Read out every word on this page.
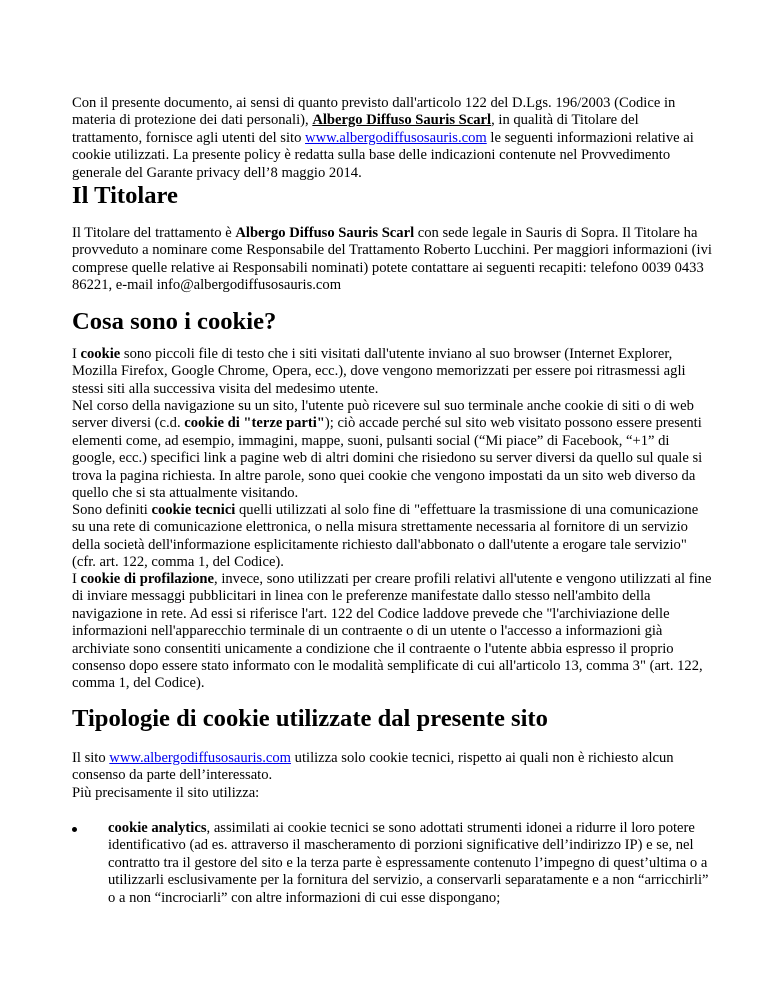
Con il presente documento, ai sensi di quanto previsto dall'articolo 122 del D.Lgs. 196/2003 (Codice in materia di protezione dei dati personali), Albergo Diffuso Sauris Scarl, in qualità di Titolare del trattamento, fornisce agli utenti del sito www.albergodiffusosauris.com le seguenti informazioni relative ai cookie utilizzati. La presente policy è redatta sulla base delle indicazioni contenute nel Provvedimento generale del Garante privacy dell’8 maggio 2014.

Il Titolare

Il Titolare del trattamento è Albergo Diffuso Sauris Scarl con sede legale in Sauris di Sopra. Il Titolare ha provveduto a nominare come Responsabile del Trattamento Roberto Lucchini. Per maggiori informazioni (ivi comprese quelle relative ai Responsabili nominati) potete contattare ai seguenti recapiti: telefono 0039 0433 86221, e-mail info@albergodiffusosauris.com

Cosa sono i cookie?

I cookie sono piccoli file di testo che i siti visitati dall'utente inviano al suo browser (Internet Explorer, Mozilla Firefox, Google Chrome, Opera, ecc.), dove vengono memorizzati per essere poi ritrasmessi agli stessi siti alla successiva visita del medesimo utente.

Nel corso della navigazione su un sito, l'utente può ricevere sul suo terminale anche cookie di siti o di web server diversi (c.d. cookie di "terze parti"); ciò accade perché sul sito web visitato possono essere presenti elementi come, ad esempio, immagini, mappe, suoni, pulsanti social (“Mi piace” di Facebook, “+1” di google, ecc.) specifici link a pagine web di altri domini che risiedono su server diversi da quello sul quale si trova la pagina richiesta. In altre parole, sono quei cookie che vengono impostati da un sito web diverso da quello che si sta attualmente visitando.

Sono definiti cookie tecnici quelli utilizzati al solo fine di "effettuare la trasmissione di una comunicazione su una rete di comunicazione elettronica, o nella misura strettamente necessaria al fornitore di un servizio della società dell'informazione esplicitamente richiesto dall'abbonato o dall'utente a erogare tale servizio" (cfr. art. 122, comma 1, del Codice).

I cookie di profilazione, invece, sono utilizzati per creare profili relativi all'utente e vengono utilizzati al fine di inviare messaggi pubblicitari in linea con le preferenze manifestate dallo stesso nell'ambito della navigazione in rete. Ad essi si riferisce l'art. 122 del Codice laddove prevede che "l'archiviazione delle informazioni nell'apparecchio terminale di un contraente o di un utente o l'accesso a informazioni già archiviate sono consentiti unicamente a condizione che il contraente o l'utente abbia espresso il proprio consenso dopo essere stato informato con le modalità semplificate di cui all'articolo 13, comma 3" (art. 122, comma 1, del Codice).

Tipologie di cookie utilizzate dal presente sito

Il sito www.albergodiffusosauris.com utilizza solo cookie tecnici, rispetto ai quali non è richiesto alcun consenso da parte dell’interessato.
Più precisamente il sito utilizza:

cookie analytics, assimilati ai cookie tecnici se sono adottati strumenti idonei a ridurre il loro potere identificativo (ad es. attraverso il mascheramento di porzioni significative dell’indirizzo IP) e se, nel contratto tra il gestore del sito e la terza parte è espressamente contenuto l’impegno di quest’ultima o a utilizzarli esclusivamente per la fornitura del servizio, a conservarli separatamente e a non “arricchirli” o a non “incrociarli” con altre informazioni di cui esse dispongano;
